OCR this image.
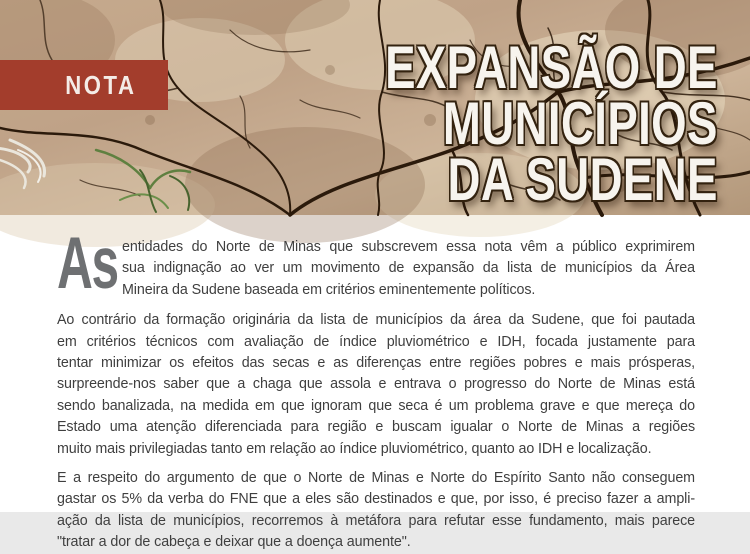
NOTA	EXPANSÃO DE
MUNICÍPIOS
DA SUDENE
As entidades do Norte de Minas que subscrevem essa nota vêm a público exprimirem
sua indignação ao ver um movimento de expansão da lista de municípios da Área
Mineira da Sudene baseada em critérios eminentemente políticos.
Ao contrário da formação originária da lista de municípios da área da Sudene, que foi pautada
em critérios técnicos com avaliação de índice pluviométrico e IDH, focada justamente para
tentar minimizar os efeitos das secas e as diferenças entre regiões pobres e mais prósperas,
surpreende-nos saber que a chaga que assola e entrava o progresso do Norte de Minas está
sendo banalizada, na medida em que ignoram que seca é um problema grave e que mereça do
Estado uma atenção diferenciada para região e buscam igualar o Norte de Minas a regiões
muito mais privilegiadas tanto em relação ao índice pluviométrico, quanto ao IDH e localização.
E a respeito do argumento de que o Norte de Minas e Norte do Espírito Santo não conseguem
gastar os 5% da verba do FNE que a eles são destinados e que, por isso, é preciso fazer a ampli-
ação da lista de municípios, recorremos à metáfora para refutar esse fundamento, mais parece
"tratar a dor de cabeça e deixar que a doença aumente".
